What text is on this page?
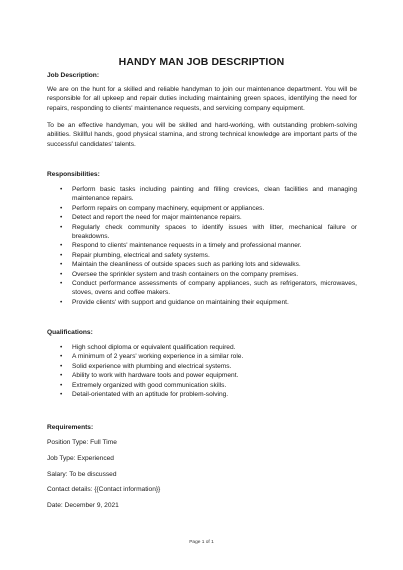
HANDY MAN JOB DESCRIPTION
Job Description:
We are on the hunt for a skilled and reliable handyman to join our maintenance department. You will be responsible for all upkeep and repair duties including maintaining green spaces, identifying the need for repairs, responding to clients' maintenance requests, and servicing company equipment.
To be an effective handyman, you will be skilled and hard-working, with outstanding problem-solving abilities. Skillful hands, good physical stamina, and strong technical knowledge are important parts of the successful candidates' talents.
Responsibilities:
• Perform basic tasks including painting and filling crevices, clean facilities and managing maintenance repairs.
• Perform repairs on company machinery, equipment or appliances.
• Detect and report the need for major maintenance repairs.
• Regularly check community spaces to identify issues with litter, mechanical failure or breakdowns.
• Respond to clients' maintenance requests in a timely and professional manner.
• Repair plumbing, electrical and safety systems.
• Maintain the cleanliness of outside spaces such as parking lots and sidewalks.
• Oversee the sprinkler system and trash containers on the company premises.
• Conduct performance assessments of company appliances, such as refrigerators, microwaves, stoves, ovens and coffee makers.
• Provide clients' with support and guidance on maintaining their equipment.
Qualifications:
• High school diploma or equivalent qualification required.
• A minimum of 2 years' working experience in a similar role.
• Solid experience with plumbing and electrical systems.
• Ability to work with hardware tools and power equipment.
• Extremely organized with good communication skills.
• Detail-orientated with an aptitude for problem-solving.
Requirements:
Position Type: Full Time
Job Type: Experienced
Salary: To be discussed
Contact details: {{Contact information}}
Date: December 9, 2021
Page 1 of 1
